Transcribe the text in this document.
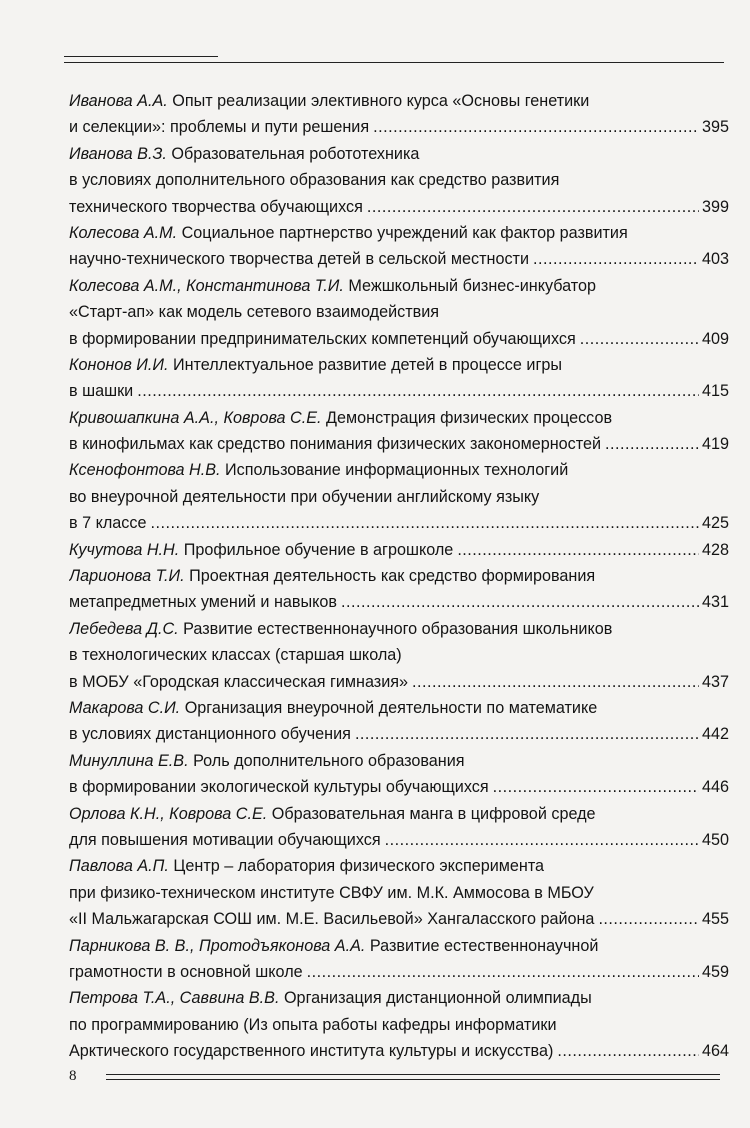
Иванова А.А.
Опыт реализации элективного курса «Основы генетики
и селекции»: проблемы и пути решения .....	395
Иванова В.З.
Образовательная робототехника
в условиях дополнительного образования как средство развития
технического творчества обучающихся .....	399
Колесова А.М.
Социальное партнерство учреждений как фактор развития
научно-технического творчества детей в сельской местности .....	403
Колесова А.М., Константинова Т.И.
Межшкольный бизнес-инкубатор
«Старт-ап» как модель сетевого взаимодействия
в формировании предпринимательских компетенций обучающихся .....	409
Кононов И.И.
Интеллектуальное развитие детей в процессе игры
в шашки .....	415
Кривошапкина А.А., Коврова С.Е.
Демонстрация физических процессов
в кинофильмах как средство понимания физических закономерностей .....	419
Ксенофонтова Н.В.
Использование информационных технологий
во внеурочной деятельности при обучении английскому языку
в 7 классе .....	425
Кучутова Н.Н.
Профильное обучение в агрошколе .....	428
Ларионова Т.И.
Проектная деятельность как средство формирования
метапредметных умений и навыков .....	431
Лебедева Д.С.
Развитие естественнонаучного образования школьников
в технологических классах (старшая школа)
в МОБУ «Городская классическая гимназия» .....	437
Макарова С.И.
Организация внеурочной деятельности по математике
в условиях дистанционного обучения .....	442
Минуллина Е.В.
Роль дополнительного образования
в формировании экологической культуры обучающихся .....	446
Орлова К.Н., Коврова С.Е.
Образовательная манга в цифровой среде
для повышения мотивации обучающихся .....	450
Павлова А.П.
Центр – лаборатория физического эксперимента
при физико-техническом институте СВФУ им. М.К. Аммосова в МБОУ
«II Мальжагарская СОШ им. М.Е. Васильевой» Хангаласского района .....	455
Парникова В. В., Протодъяконова А.А.
Развитие естественнонаучной
грамотности в основной школе .....	459
Петрова Т.А., Саввина В.В.
Организация дистанционной олимпиады
по программированию (Из опыта работы кафедры информатики
Арктического государственного института культуры и искусства) .....	464
8
